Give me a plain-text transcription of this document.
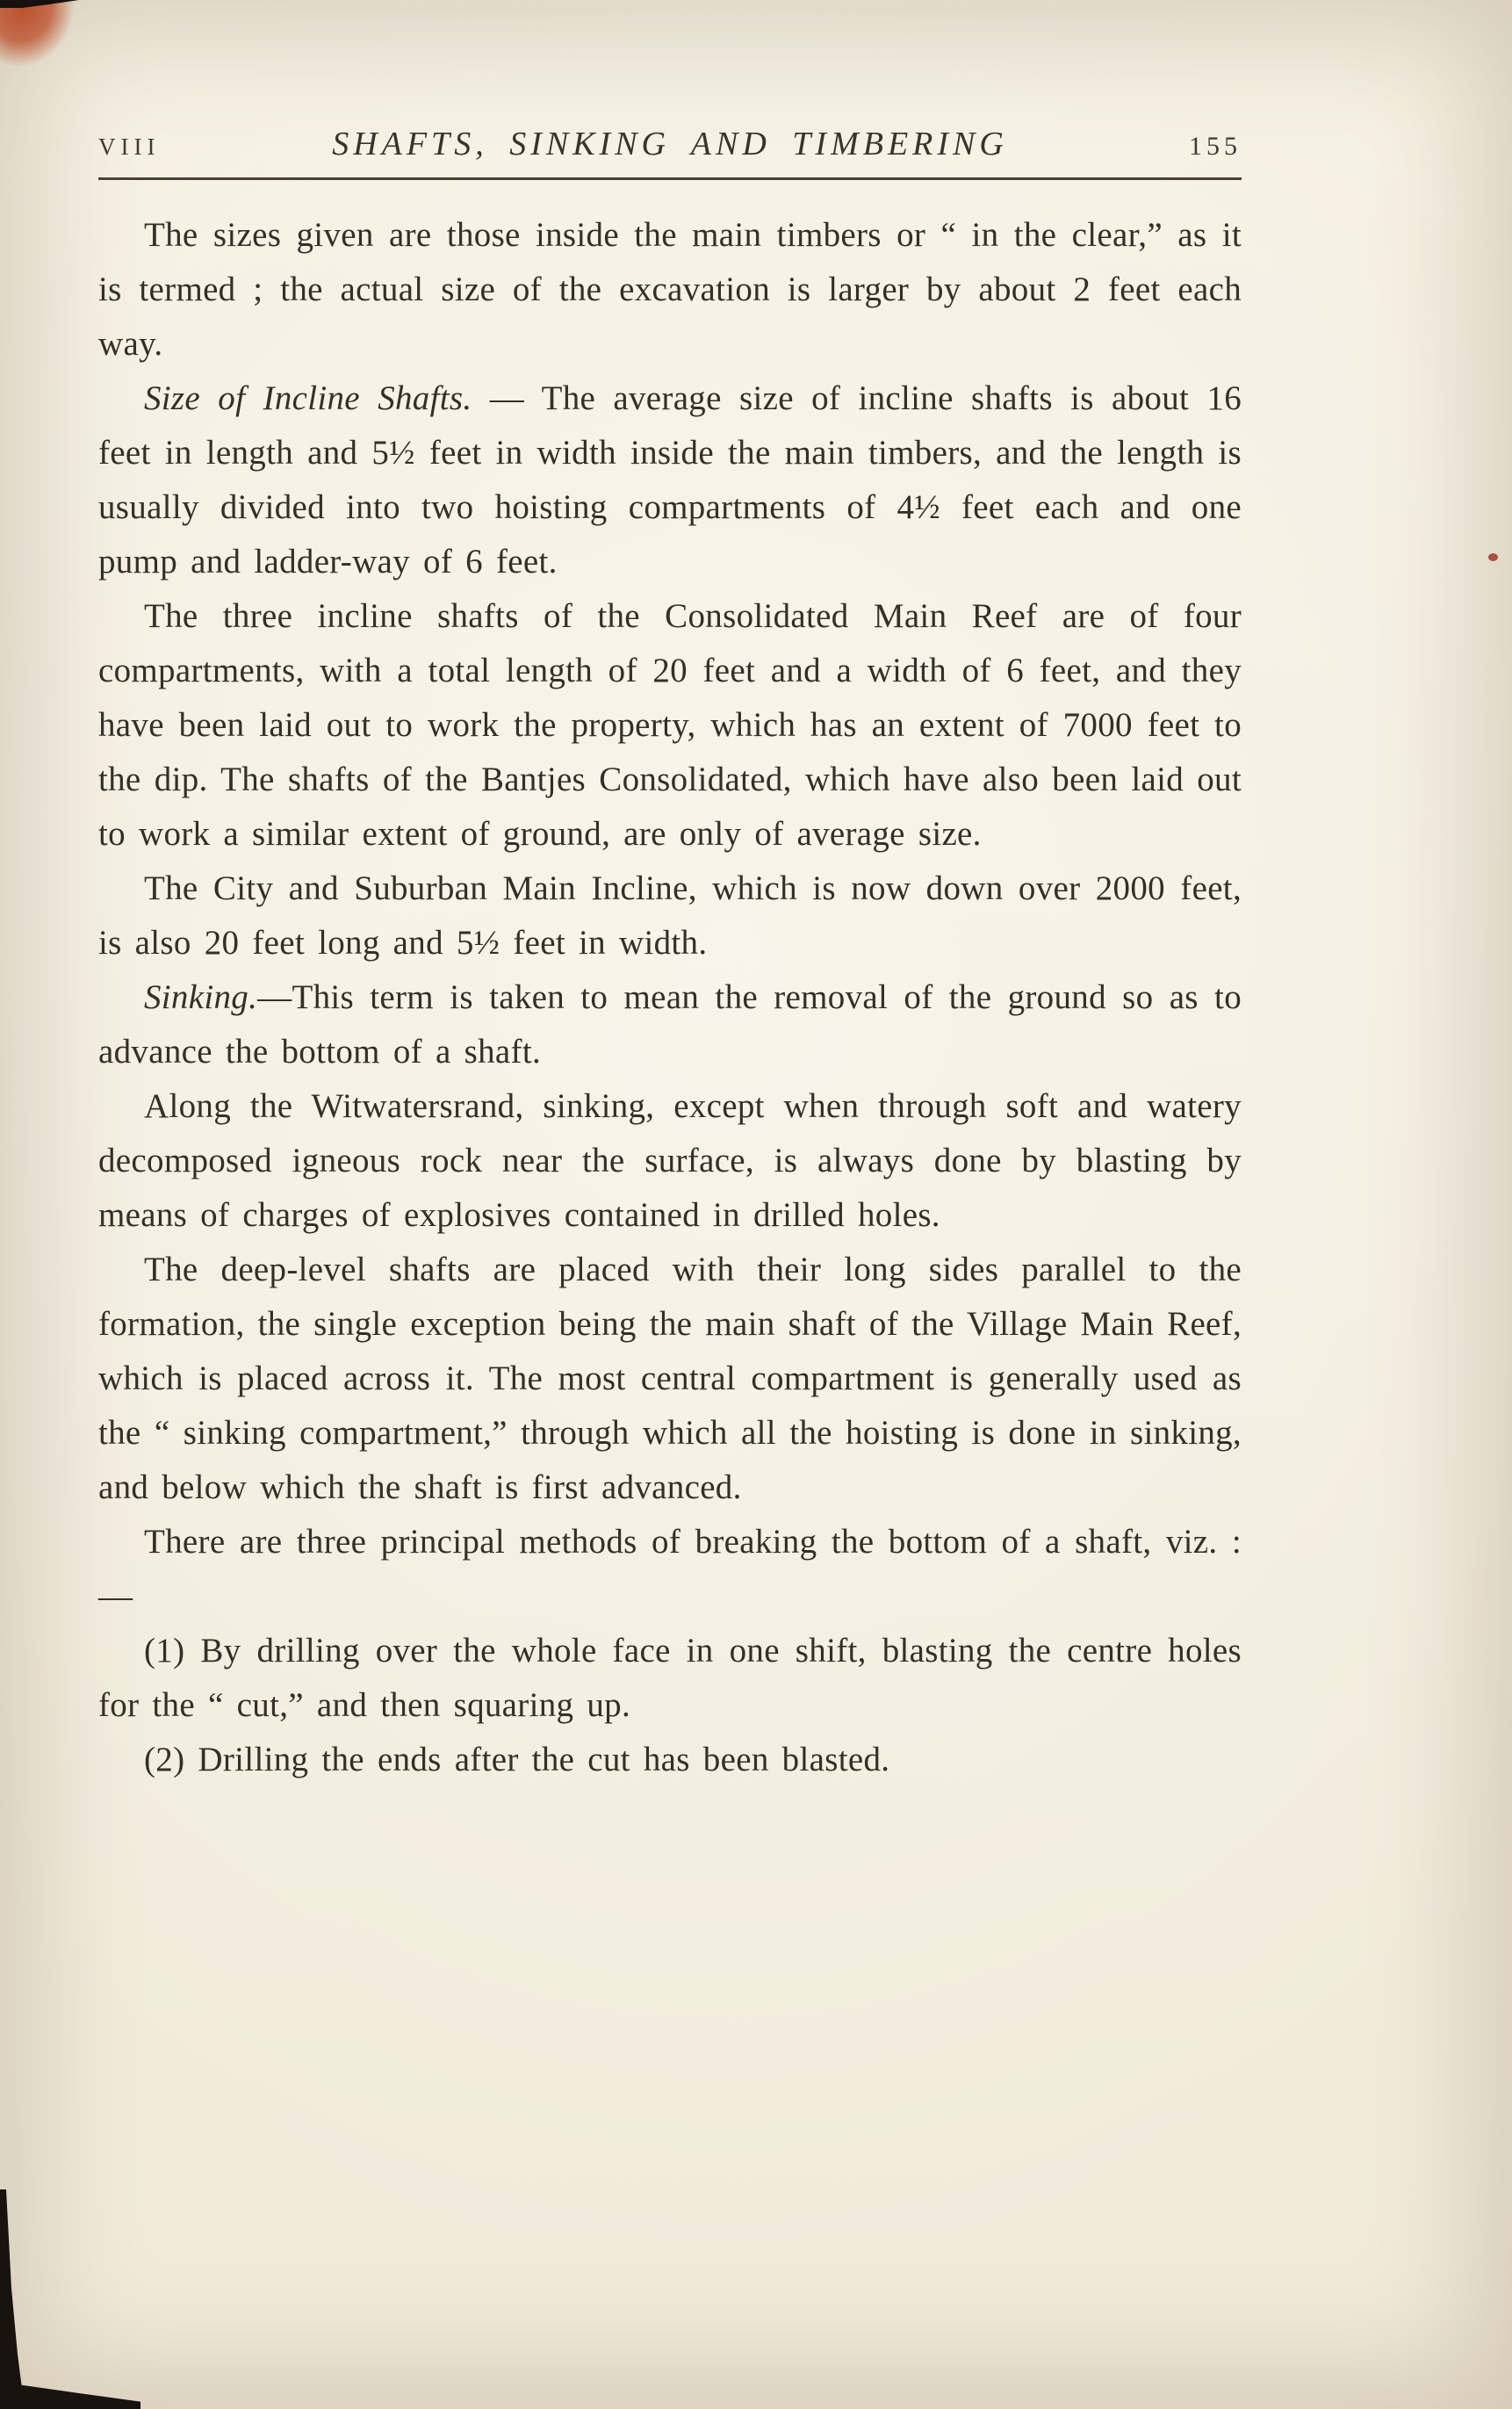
VIII	SHAFTS, SINKING AND TIMBERING	155

The sizes given are those inside the main timbers or “ in the clear,” as it is termed ; the actual size of the excavation is larger by about 2 feet each way.

Size of Incline Shafts. — The average size of incline shafts is about 16 feet in length and 5½ feet in width inside the main timbers, and the length is usually divided into two hoisting compartments of 4½ feet each and one pump and ladder-way of 6 feet.

The three incline shafts of the Consolidated Main Reef are of four compartments, with a total length of 20 feet and a width of 6 feet, and they have been laid out to work the property, which has an extent of 7000 feet to the dip. The shafts of the Bantjes Consolidated, which have also been laid out to work a similar extent of ground, are only of average size.

The City and Suburban Main Incline, which is now down over 2000 feet, is also 20 feet long and 5½ feet in width.

Sinking.—This term is taken to mean the removal of the ground so as to advance the bottom of a shaft.

Along the Witwatersrand, sinking, except when through soft and watery decomposed igneous rock near the surface, is always done by blasting by means of charges of explosives contained in drilled holes.

The deep-level shafts are placed with their long sides parallel to the formation, the single exception being the main shaft of the Village Main Reef, which is placed across it. The most central compartment is generally used as the “ sinking compartment,” through which all the hoisting is done in sinking, and below which the shaft is first advanced.

There are three principal methods of breaking the bottom of a shaft, viz. :—

(1) By drilling over the whole face in one shift, blasting the centre holes for the “ cut,” and then squaring up.

(2) Drilling the ends after the cut has been blasted.
